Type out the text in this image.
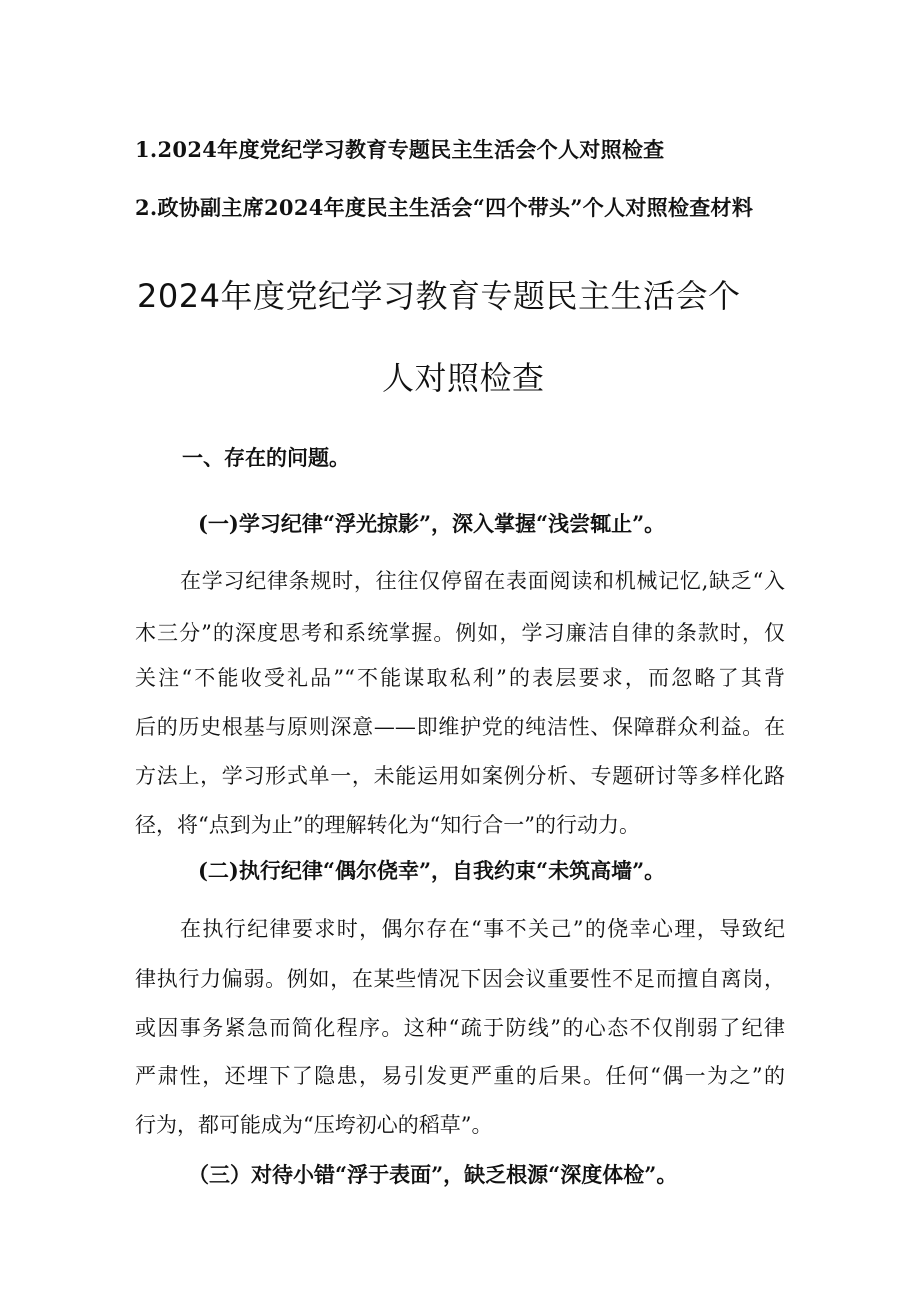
1.2024年度党纪学习教育专题民主生活会个人对照检查
2.政协副主席2024年度民主生活会“四个带头”个人对照检查材料
2024年度党纪学习教育专题民主生活会个
人对照检查
一、存在的问题。
(一)学习纪律“浮光掠影”，深入掌握“浅尝辄止”。
在学习纪律条规时，往往仅停留在表面阅读和机械记忆,缺乏“入
木三分”的深度思考和系统掌握。例如，学习廉洁自律的条款时，仅
关注“不能收受礼品”“不能谋取私利”的表层要求，而忽略了其背
后的历史根基与原则深意——即维护党的纯洁性、保障群众利益。在
方法上，学习形式单一，未能运用如案例分析、专题研讨等多样化路
径，将“点到为止”的理解转化为“知行合一”的行动力。
(二)执行纪律“偶尔侥幸”，自我约束“未筑高墙”。
在执行纪律要求时，偶尔存在“事不关己”的侥幸心理，导致纪
律执行力偏弱。例如，在某些情况下因会议重要性不足而擅自离岗，
或因事务紧急而简化程序。这种“疏于防线”的心态不仅削弱了纪律
严肃性，还埋下了隐患，易引发更严重的后果。任何“偶一为之”的
行为，都可能成为“压垮初心的稻草”。
（三）对待小错“浮于表面”，缺乏根源“深度体检”。
